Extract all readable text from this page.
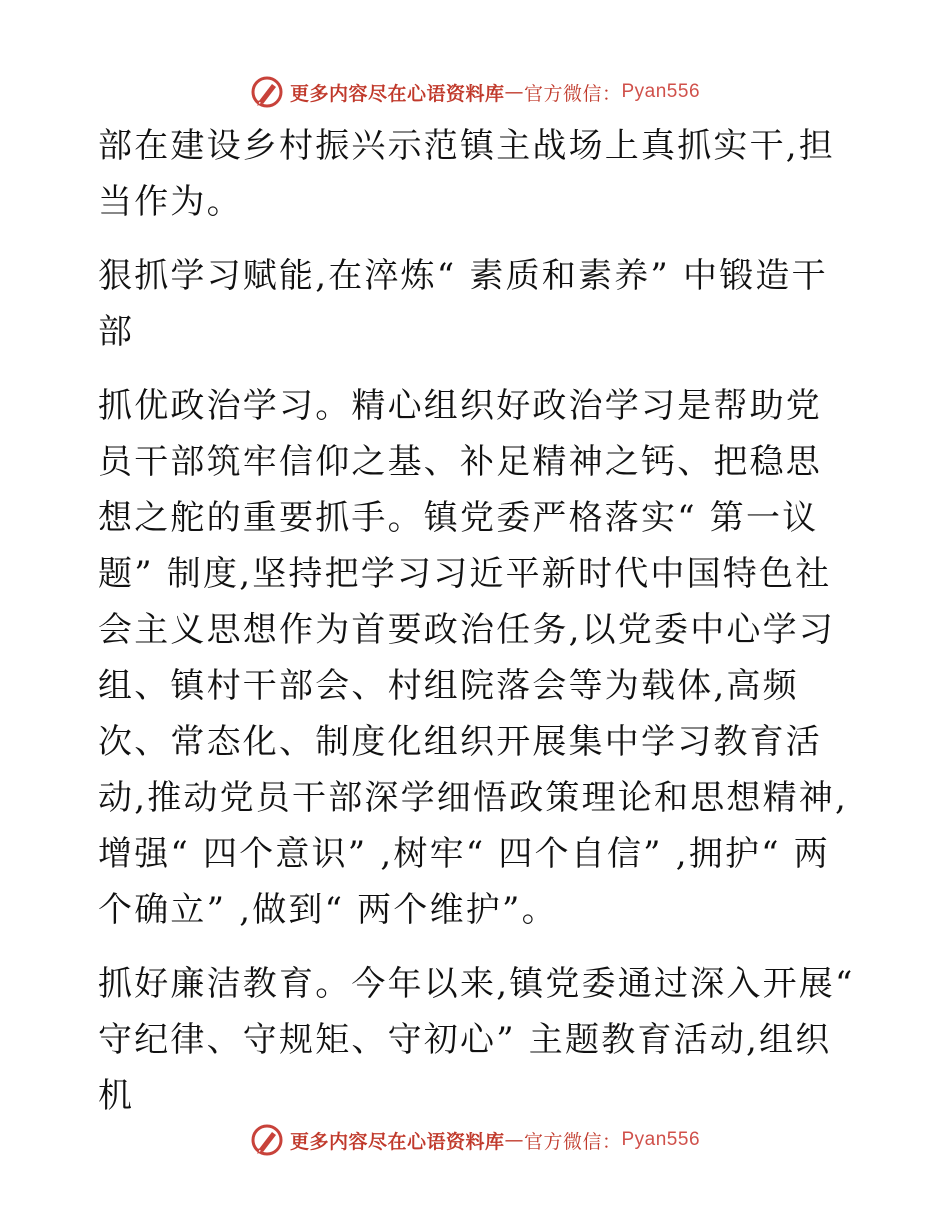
更多内容尽在心语资料库 — 官方微信： Pyan556

部在建设乡村振兴示范镇主战场上真抓实干,担当作为。

狠抓学习赋能,在淬炼“ 素质和素养” 中锻造干部

抓优政治学习。精心组织好政治学习是帮助党员干部筑牢信仰之基、补足精神之钙、把稳思想之舵的重要抓手。镇党委严格落实“ 第一议题” 制度,坚持把学习习近平新时代中国特色社会主义思想作为首要政治任务,以党委中心学习组、镇村干部会、村组院落会等为载体,高频次、常态化、制度化组织开展集中学习教育活动,推动党员干部深学细悟政策理论和思想精神,增强“ 四个意识” ,树牢“ 四个自信” ,拥护“ 两个确立” ,做到“ 两个维护”。

抓好廉洁教育。今年以来,镇党委通过深入开展“ 守纪律、守规矩、守初心” 主题教育活动,组织机

更多内容尽在心语资料库 — 官方微信： Pyan556
